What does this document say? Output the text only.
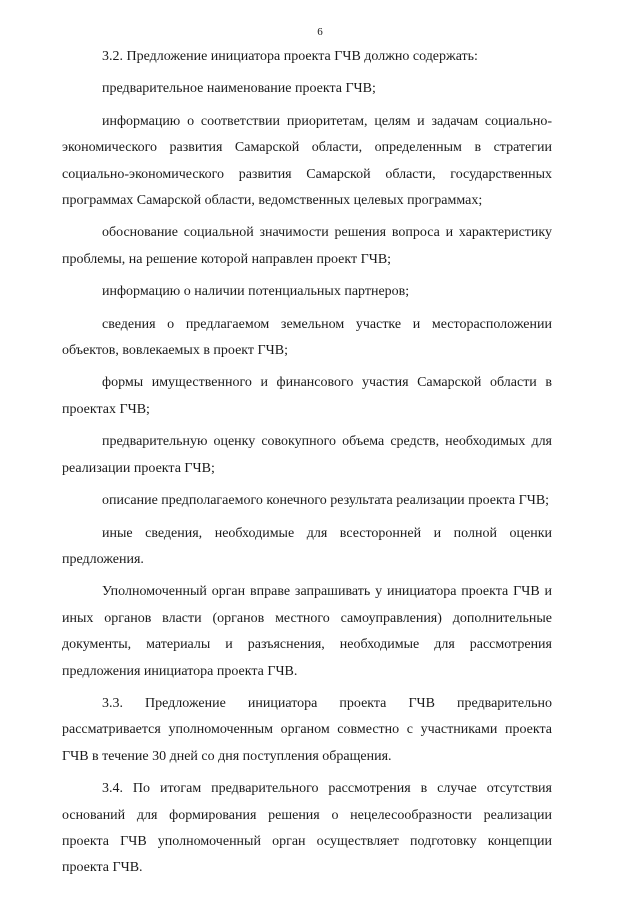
6

3.2. Предложение инициатора проекта ГЧВ должно содержать:

предварительное наименование проекта ГЧВ;

информацию о соответствии приоритетам, целям и задачам социально-экономического развития Самарской области, определенным в стратегии социально-экономического развития Самарской области, государственных программах Самарской области, ведомственных целевых программах;

обоснование социальной значимости решения вопроса и характеристику проблемы, на решение которой направлен проект ГЧВ;

информацию о наличии потенциальных партнеров;

сведения о предлагаемом земельном участке и месторасположении объектов, вовлекаемых в проект ГЧВ;

формы имущественного и финансового участия Самарской области в проектах ГЧВ;

предварительную оценку совокупного объема средств, необходимых для реализации проекта ГЧВ;

описание предполагаемого конечного результата реализации проекта ГЧВ;

иные сведения, необходимые для всесторонней и полной оценки предложения.

Уполномоченный орган вправе запрашивать у инициатора проекта ГЧВ и иных органов власти (органов местного самоуправления) дополнительные документы, материалы и разъяснения, необходимые для рассмотрения предложения инициатора проекта ГЧВ.

3.3. Предложение инициатора проекта ГЧВ предварительно рассматривается уполномоченным органом совместно с участниками проекта ГЧВ в течение 30 дней со дня поступления обращения.

3.4. По итогам предварительного рассмотрения в случае отсутствия оснований для формирования решения о нецелесообразности реализации проекта ГЧВ уполномоченный орган осуществляет подготовку концепции проекта ГЧВ.
